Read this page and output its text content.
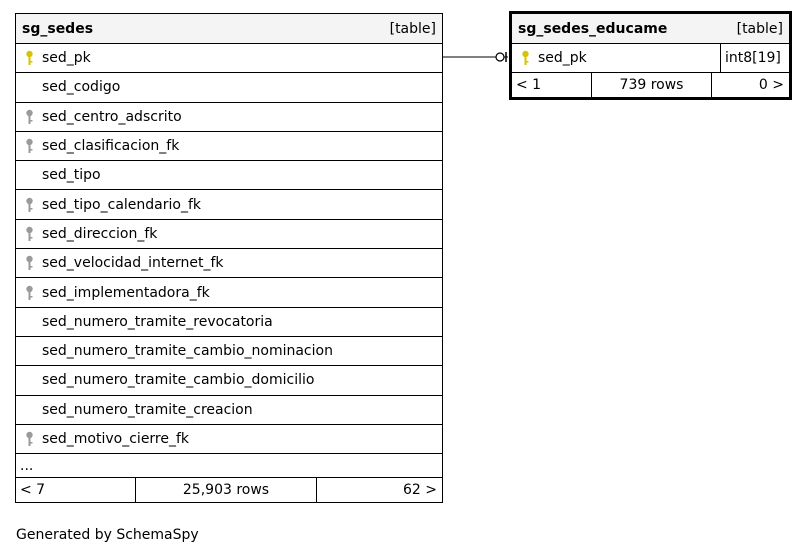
sg_sedes	[table]
sed_pk
sed_codigo
sed_centro_adscrito
sed_clasificacion_fk
sed_tipo
sed_tipo_calendario_fk
sed_direccion_fk
sed_velocidad_internet_fk
sed_implementadora_fk
sed_numero_tramite_revocatoria
sed_numero_tramite_cambio_nominacion
sed_numero_tramite_cambio_domicilio
sed_numero_tramite_creacion
sed_motivo_cierre_fk
...
< 7	25,903 rows	62 >
sg_sedes_educame	[table]
sed_pk	int8[19]
< 1	739 rows	0 >
Generated by SchemaSpy
